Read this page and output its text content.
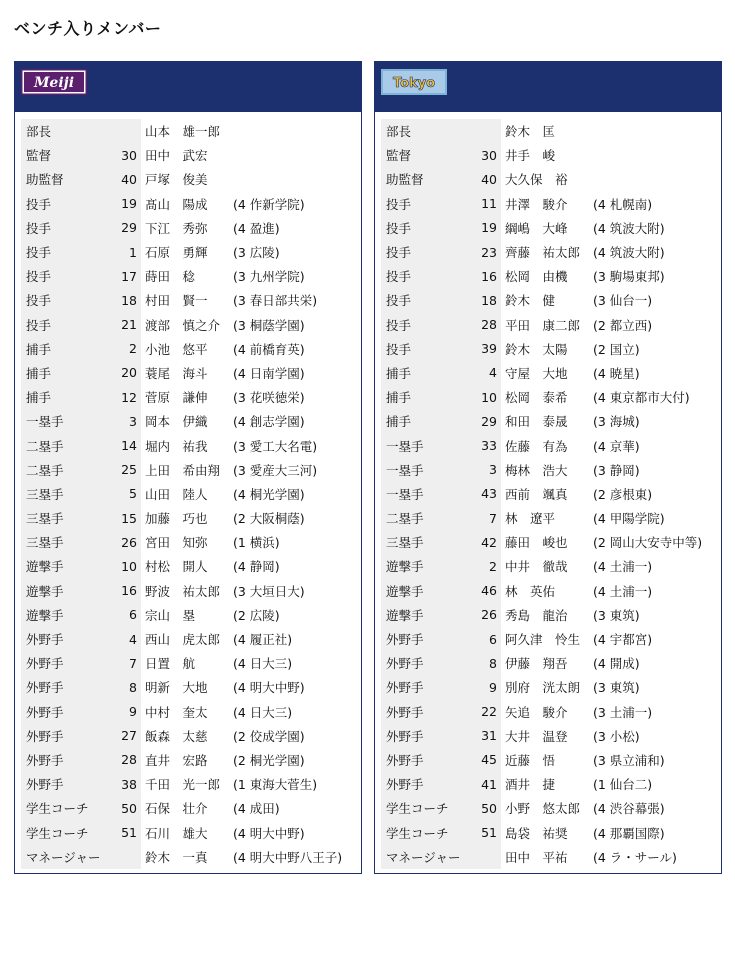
ベンチ入りメンバー
Meiji
部長	山本　雄一郎
監督	30 田中　武宏
助監督	40 戸塚　俊美
投手	19 髙山　陽成	(4 作新学院)
投手	29 下江　秀弥	(4 盈進)
投手	1 石原　勇輝	(3 広陵)
投手	17 蒔田　稔	(3 九州学院)
投手	18 村田　賢一	(3 春日部共栄)
投手	21 渡部　慎之介	(3 桐蔭学園)
捕手	2 小池　悠平	(4 前橋育英)
捕手	20 蓑尾　海斗	(4 日南学園)
捕手	12 菅原　謙伸	(3 花咲徳栄)
一塁手	3 岡本　伊織	(4 創志学園)
二塁手	14 堀内　祐我	(3 愛工大名電)
二塁手	25 上田　希由翔	(3 愛産大三河)
三塁手	5 山田　陸人	(4 桐光学園)
三塁手	15 加藤　巧也	(2 大阪桐蔭)
三塁手	26 宮田　知弥	(1 横浜)
遊撃手	10 村松　開人	(4 静岡)
遊撃手	16 野波　祐太郎	(3 大垣日大)
遊撃手	6 宗山　塁	(2 広陵)
外野手	4 西山　虎太郎	(4 履正社)
外野手	7 日置　航	(4 日大三)
外野手	8 明新　大地	(4 明大中野)
外野手	9 中村　奎太	(4 日大三)
外野手	27 飯森　太慈	(2 佼成学園)
外野手	28 直井　宏路	(2 桐光学園)
外野手	38 千田　光一郎	(1 東海大菅生)
学生コーチ	50 石保　壮介	(4 成田)
学生コーチ	51 石川　雄大	(4 明大中野)
マネージャー	鈴木　一真	(4 明大中野八王子)
Tokyo
部長	鈴木　匡
監督	30 井手　峻
助監督	40 大久保　裕
投手	11 井澤　駿介	(4 札幌南)
投手	19 綱嶋　大峰	(4 筑波大附)
投手	23 齊藤　祐太郎	(4 筑波大附)
投手	16 松岡　由機	(3 駒場東邦)
投手	18 鈴木　健	(3 仙台一)
投手	28 平田　康二郎	(2 都立西)
投手	39 鈴木　太陽	(2 国立)
捕手	4 守屋　大地	(4 暁星)
捕手	10 松岡　泰希	(4 東京都市大付)
捕手	29 和田　泰晟	(3 海城)
一塁手	33 佐藤　有為	(4 京華)
一塁手	3 梅林　浩大	(3 静岡)
一塁手	43 西前　颯真	(2 彦根東)
二塁手	7 林　遼平	(4 甲陽学院)
三塁手	42 藤田　峻也	(2 岡山大安寺中等)
遊撃手	2 中井　徹哉	(4 土浦一)
遊撃手	46 林　英佑	(4 土浦一)
遊撃手	26 秀島　龍治	(3 東筑)
外野手	6 阿久津　怜生	(4 宇都宮)
外野手	8 伊藤　翔吾	(4 開成)
外野手	9 別府　洸太朗	(3 東筑)
外野手	22 矢追　駿介	(3 土浦一)
外野手	31 大井　温登	(3 小松)
外野手	45 近藤　悟	(3 県立浦和)
外野手	41 酒井　捷	(1 仙台二)
学生コーチ	50 小野　悠太郎	(4 渋谷幕張)
学生コーチ	51 島袋　祐奨	(4 那覇国際)
マネージャー	田中　平祐	(4 ラ・サール)
